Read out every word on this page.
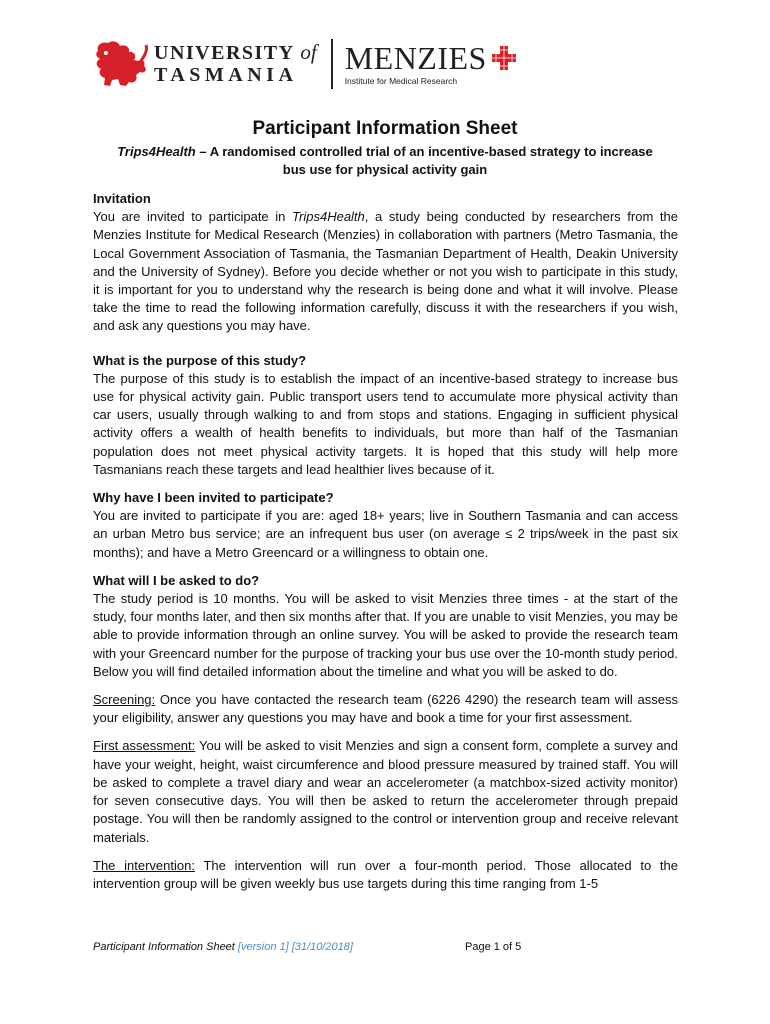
UNIVERSITY of
TASMANIA	MENZIES
Institute for Medical Research
Participant Information Sheet
Trips4Health – A randomised controlled trial of an incentive-based strategy to increase bus use for physical activity gain
Invitation

You are invited to participate in Trips4Health, a study being conducted by researchers from the Menzies Institute for Medical Research (Menzies) in collaboration with partners (Metro Tasmania, the Local Government Association of Tasmania, the Tasmanian Department of Health, Deakin University and the University of Sydney). Before you decide whether or not you wish to participate in this study, it is important for you to understand why the research is being done and what it will involve. Please take the time to read the following information carefully, discuss it with the researchers if you wish, and ask any questions you may have.

What is the purpose of this study?

The purpose of this study is to establish the impact of an incentive-based strategy to increase bus use for physical activity gain. Public transport users tend to accumulate more physical activity than car users, usually through walking to and from stops and stations. Engaging in sufficient physical activity offers a wealth of health benefits to individuals, but more than half of the Tasmanian population does not meet physical activity targets. It is hoped that this study will help more Tasmanians reach these targets and lead healthier lives because of it.

Why have I been invited to participate?

You are invited to participate if you are: aged 18+ years; live in Southern Tasmania and can access an urban Metro bus service; are an infrequent bus user (on average ≤ 2 trips/week in the past six months); and have a Metro Greencard or a willingness to obtain one.

What will I be asked to do?

The study period is 10 months. You will be asked to visit Menzies three times - at the start of the study, four months later, and then six months after that. If you are unable to visit Menzies, you may be able to provide information through an online survey. You will be asked to provide the research team with your Greencard number for the purpose of tracking your bus use over the 10-month study period. Below you will find detailed information about the timeline and what you will be asked to do.

Screening: Once you have contacted the research team (6226 4290) the research team will assess your eligibility, answer any questions you may have and book a time for your first assessment.

First assessment: You will be asked to visit Menzies and sign a consent form, complete a survey and have your weight, height, waist circumference and blood pressure measured by trained staff. You will be asked to complete a travel diary and wear an accelerometer (a matchbox-sized activity monitor) for seven consecutive days. You will then be asked to return the accelerometer through prepaid postage. You will then be randomly assigned to the control or intervention group and receive relevant materials.

The intervention: The intervention will run over a four-month period. Those allocated to the intervention group will be given weekly bus use targets during this time ranging from 1-5

Participant Information Sheet [version 1] [31/10/2018]	Page 1 of 5
